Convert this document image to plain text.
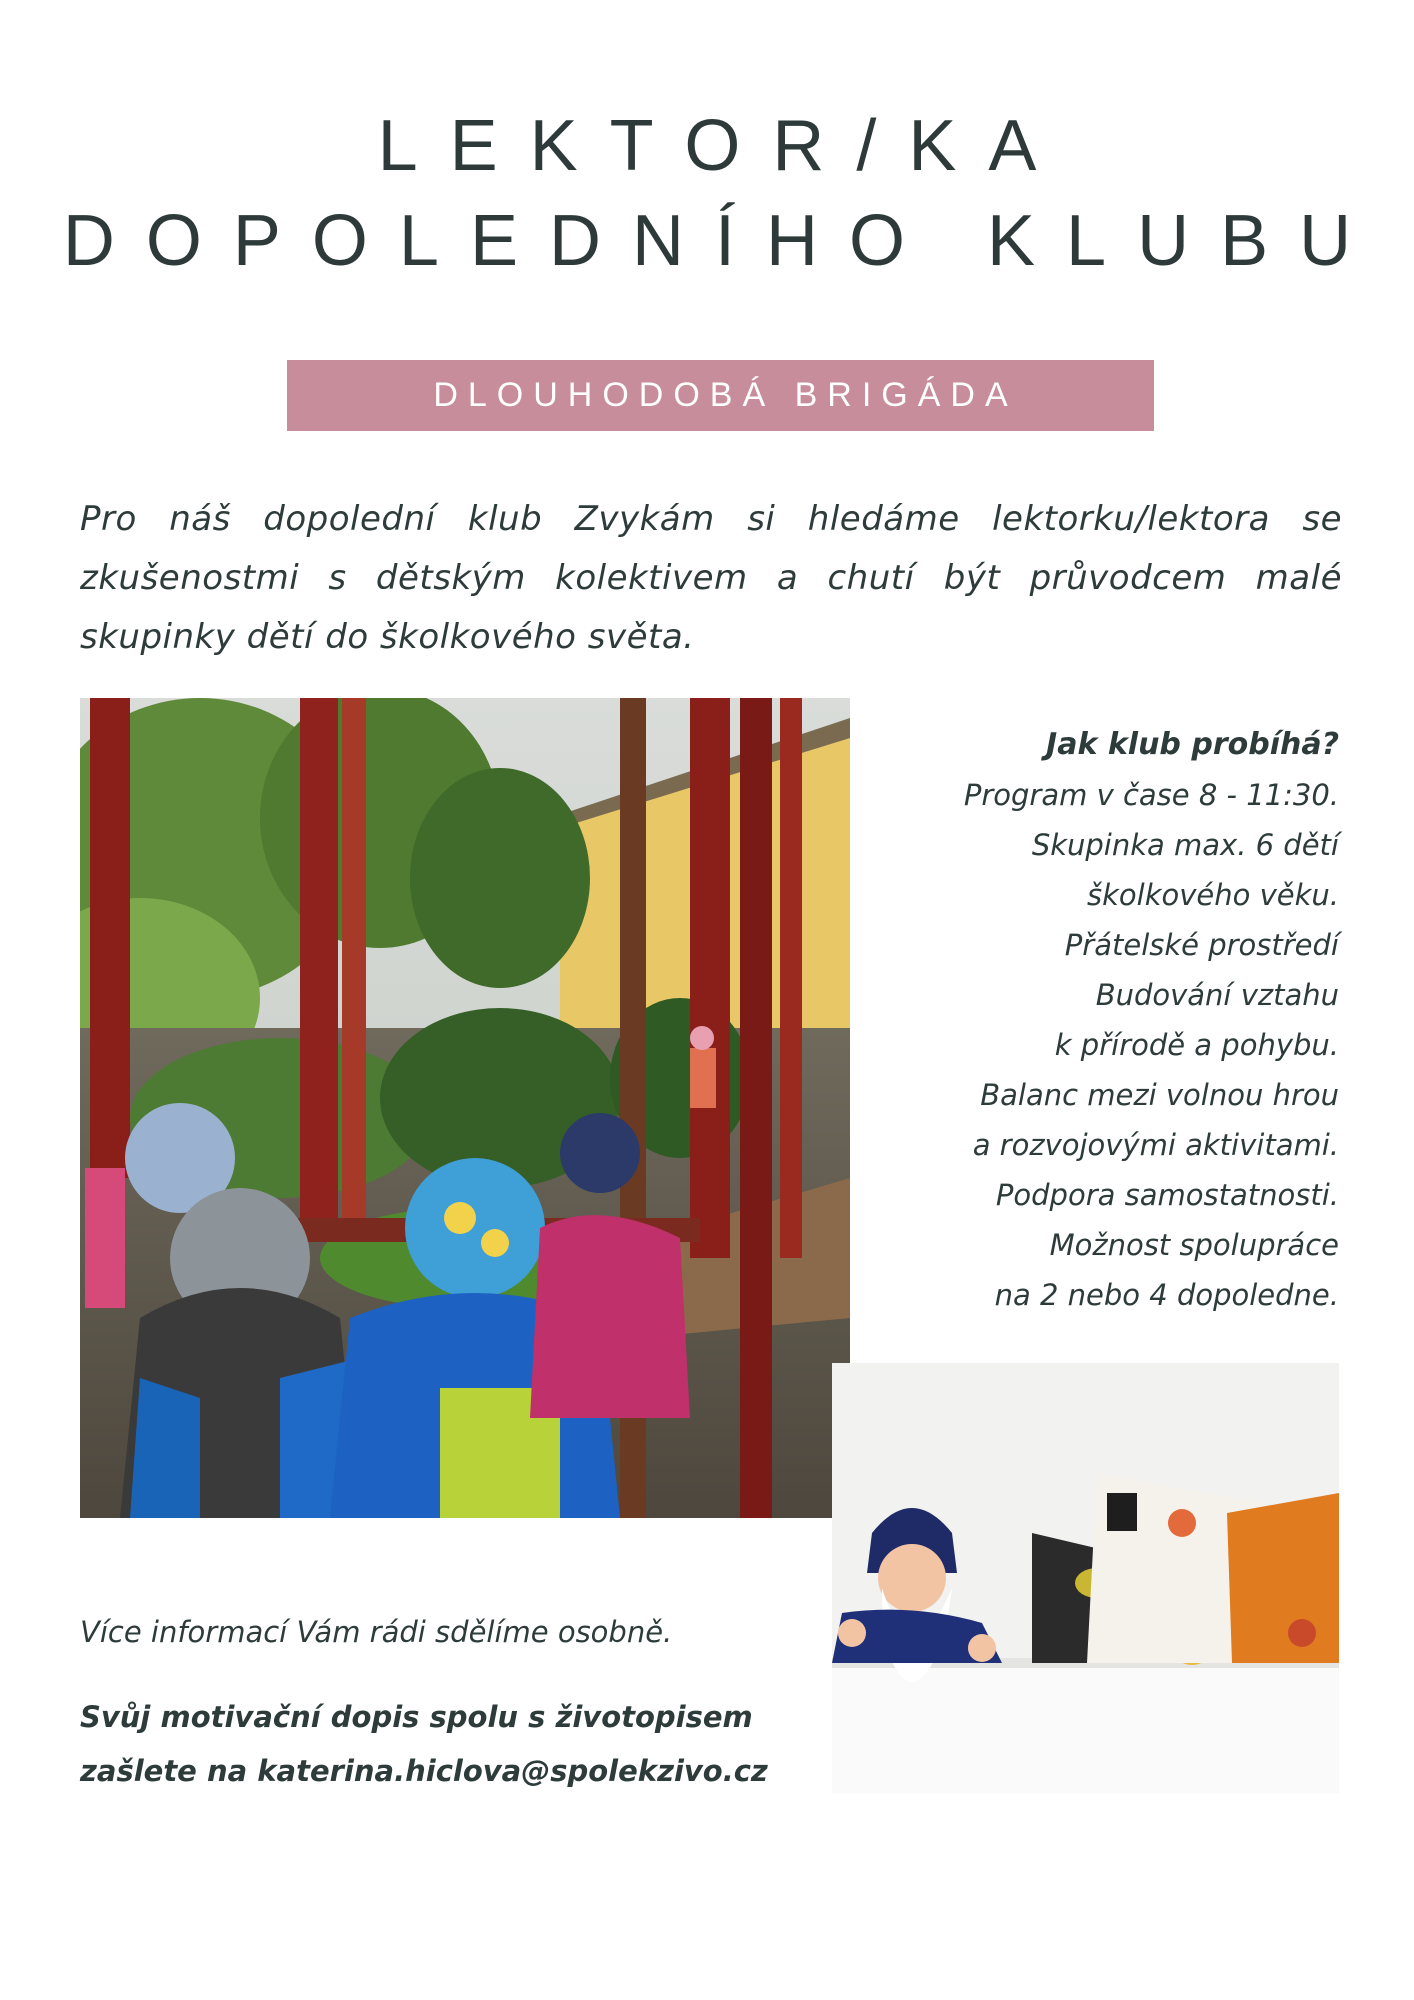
LEKTOR/KA
DOPOLEDNÍHO KLUBU
DLOUHODOBÁ BRIGÁDA

Pro náš dopolední klub Zvykám si hledáme lektorku/lektora se zkušenostmi s dětským kolektivem a chutí být průvodcem malé skupinky dětí do školkového světa.

Jak klub probíhá?

Program v čase 8 - 11:30.

Skupinka max. 6 dětí

školkového věku.

Přátelské prostředí

Budování vztahu

k přírodě a pohybu.

Balanc mezi volnou hrou

a rozvojovými aktivitami.

Podpora samostatnosti.

Možnost spolupráce

na 2 nebo 4 dopoledne.

Více informací Vám rádi sdělíme osobně.

Svůj motivační dopis spolu s životopisem
zašlete na katerina.hiclova@spolekzivo.cz
